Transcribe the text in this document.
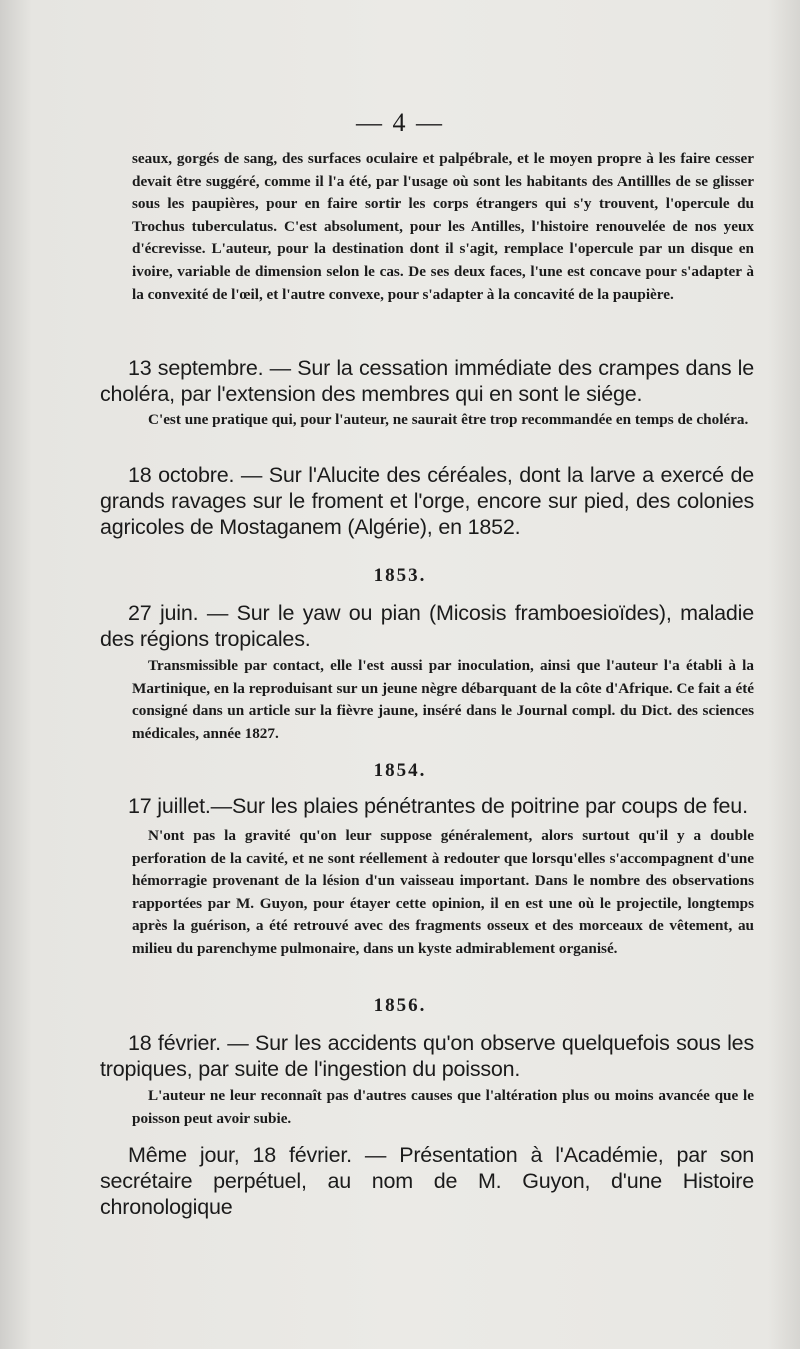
— 4 —

seaux, gorgés de sang, des surfaces oculaire et palpébrale, et le moyen propre à les faire cesser devait être suggéré, comme il l'a été, par l'usage où sont les habitants des Antillles de se glisser sous les paupières, pour en faire sortir les corps étrangers qui s'y trouvent, l'opercule du Trochus tuberculatus. C'est absolument, pour les Antilles, l'histoire renouvelée de nos yeux d'écrevisse. L'auteur, pour la destination dont il s'agit, remplace l'opercule par un disque en ivoire, variable de dimension selon le cas. De ses deux faces, l'une est concave pour s'adapter à la convexité de l'œil, et l'autre convexe, pour s'adapter à la concavité de la paupière.

13 septembre. — Sur la cessation immédiate des crampes dans le choléra, par l'extension des membres qui en sont le siége.

C'est une pratique qui, pour l'auteur, ne saurait être trop recommandée en temps de choléra.

18 octobre. — Sur l'Alucite des céréales, dont la larve a exercé de grands ravages sur le froment et l'orge, encore sur pied, des colonies agricoles de Mostaganem (Algérie), en 1852.

1853.

27 juin. — Sur le yaw ou pian (Micosis framboesioïdes), maladie des régions tropicales.

Transmissible par contact, elle l'est aussi par inoculation, ainsi que l'auteur l'a établi à la Martinique, en la reproduisant sur un jeune nègre débarquant de la côte d'Afrique. Ce fait a été consigné dans un article sur la fièvre jaune, inséré dans le Journal compl. du Dict. des sciences médicales, année 1827.

1854.

17 juillet.—Sur les plaies pénétrantes de poitrine par coups de feu.

N'ont pas la gravité qu'on leur suppose généralement, alors surtout qu'il y a double perforation de la cavité, et ne sont réellement à redouter que lorsqu'elles s'accompagnent d'une hémorragie provenant de la lésion d'un vaisseau important. Dans le nombre des observations rapportées par M. Guyon, pour étayer cette opinion, il en est une où le projectile, longtemps après la guérison, a été retrouvé avec des fragments osseux et des morceaux de vêtement, au milieu du parenchyme pulmonaire, dans un kyste admirablement organisé.

1856.

18 février. — Sur les accidents qu'on observe quelquefois sous les tropiques, par suite de l'ingestion du poisson.

L'auteur ne leur reconnaît pas d'autres causes que l'altération plus ou moins avancée que le poisson peut avoir subie.

Même jour, 18 février. — Présentation à l'Académie, par son secrétaire perpétuel, au nom de M. Guyon, d'une Histoire chronologique
